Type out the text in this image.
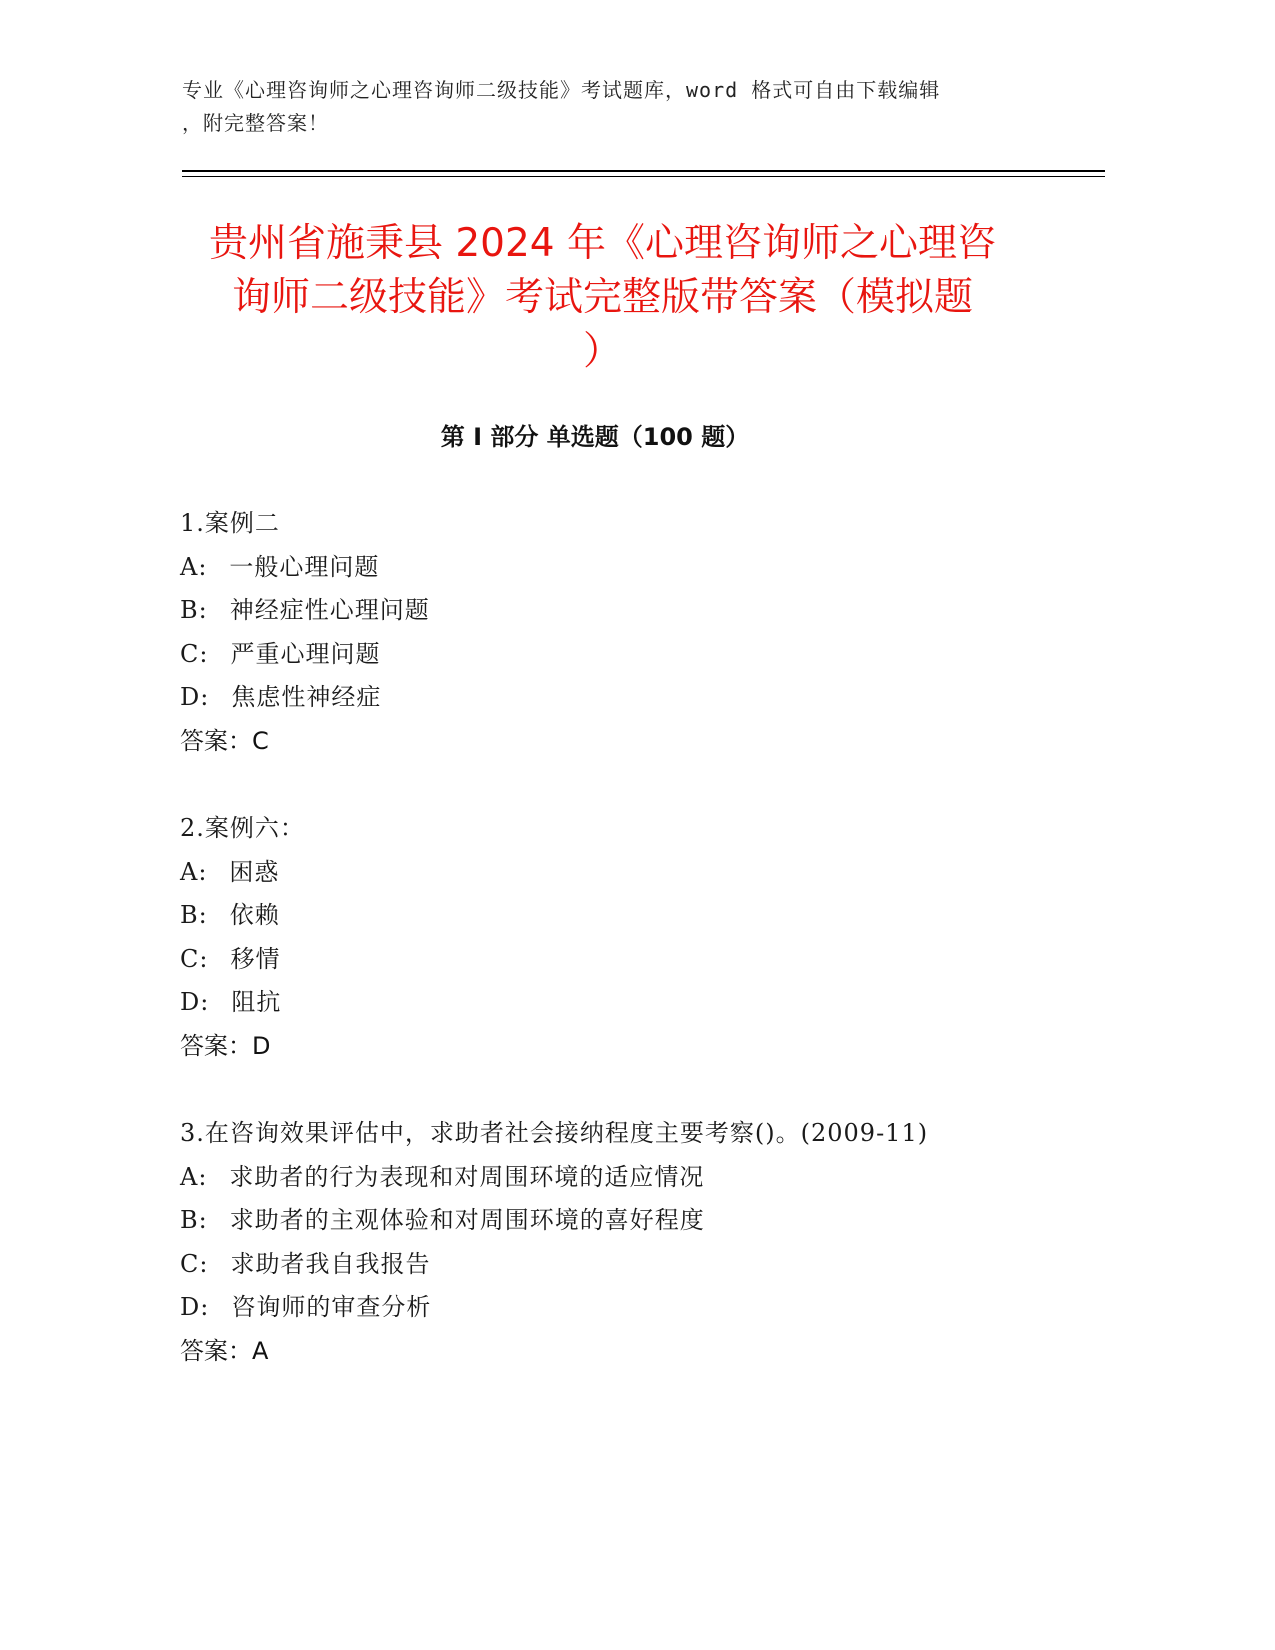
专业《心理咨询师之心理咨询师二级技能》考试题库，word 格式可自由下载编辑
，附完整答案！
贵州省施秉县 2024 年《心理咨询师之心理咨
询师二级技能》考试完整版带答案（模拟题
）
第 I 部分 单选题（100 题）
1.案例二
A: 一般心理问题
B: 神经症性心理问题
C: 严重心理问题
D: 焦虑性神经症
答案：C
2.案例六：
A: 困惑
B: 依赖
C: 移情
D: 阻抗
答案：D
3.在咨询效果评估中，求助者社会接纳程度主要考察()。(2009-11)
A: 求助者的行为表现和对周围环境的适应情况
B: 求助者的主观体验和对周围环境的喜好程度
C: 求助者我自我报告
D: 咨询师的审查分析
答案：A
